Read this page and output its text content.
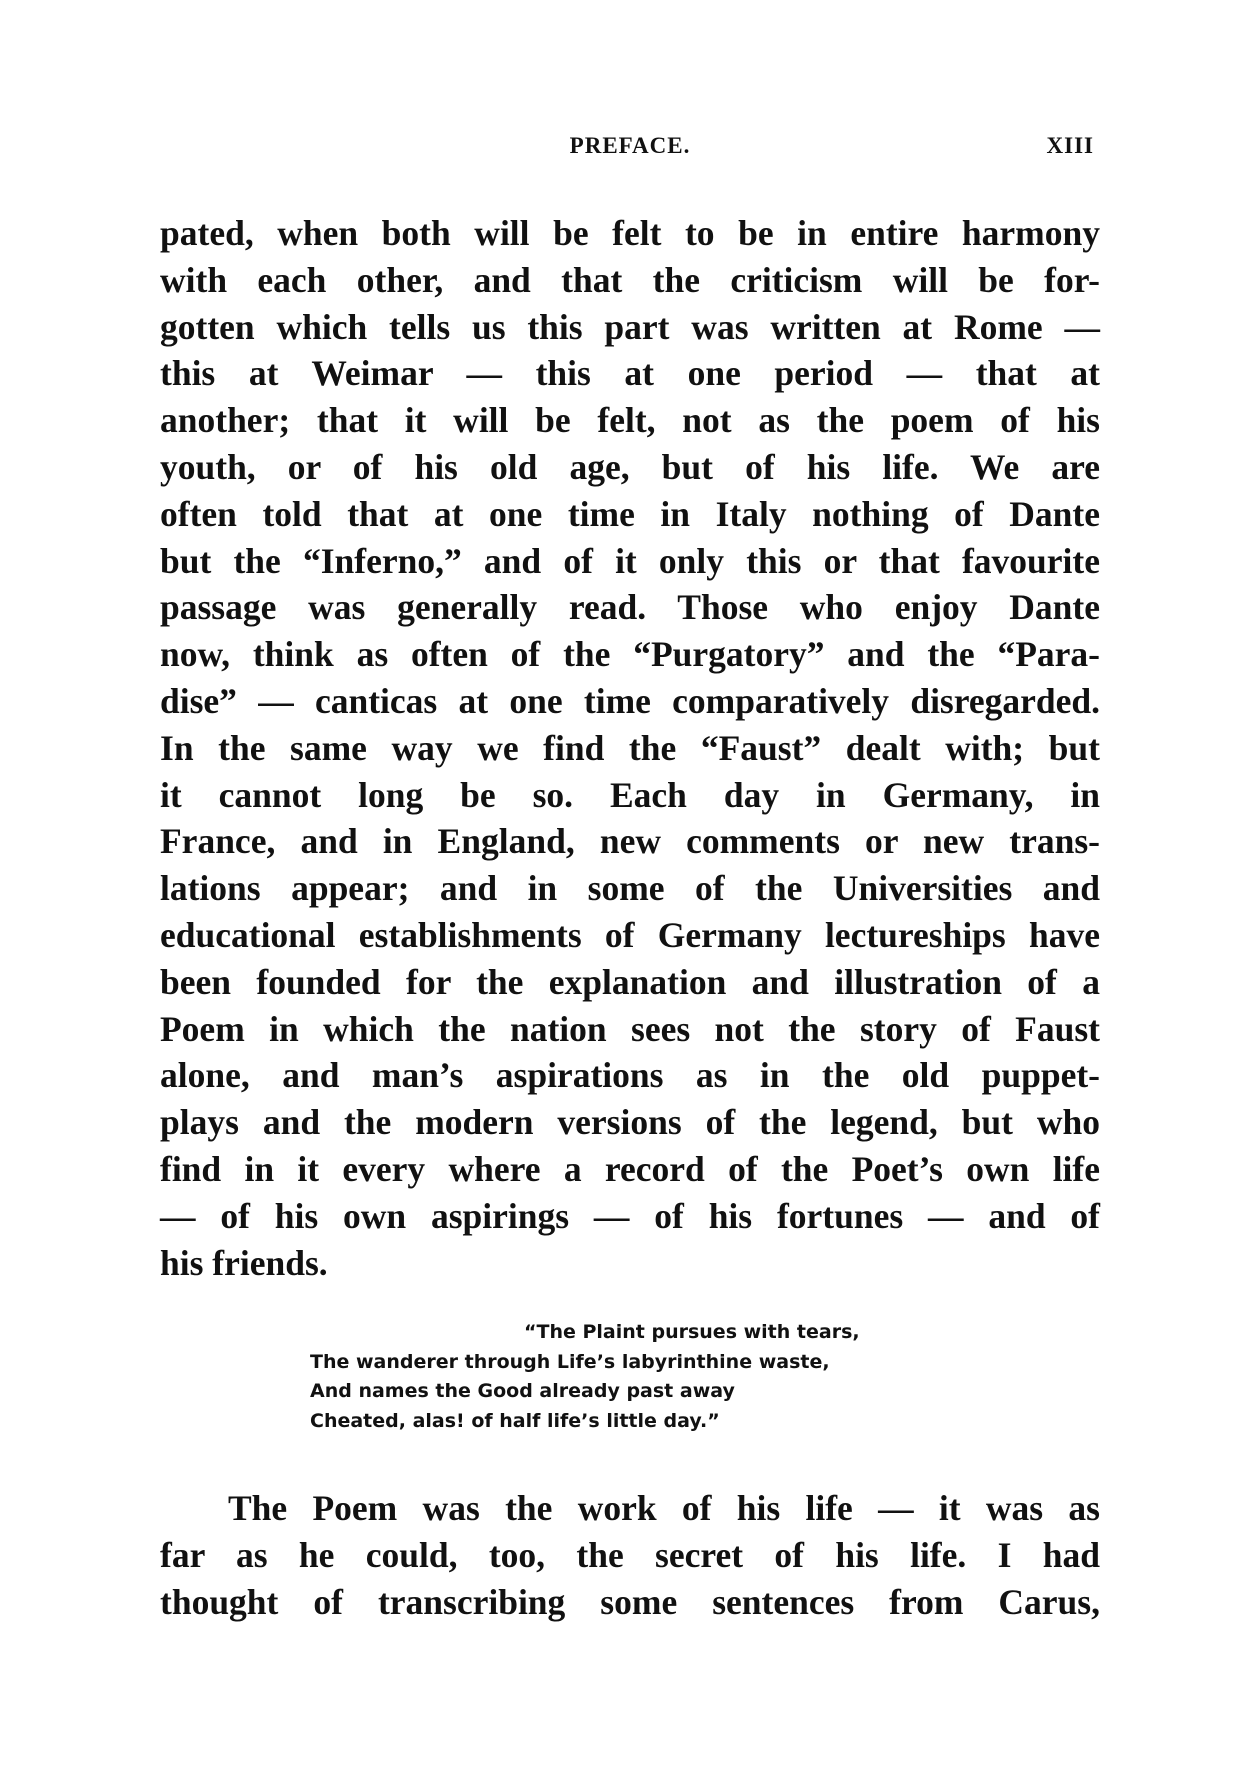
PREFACE.	XIII
pated, when both will be felt to be in entire harmony
with each other, and that the criticism will be for-
gotten which tells us this part was written at Rome —
this at Weimar — this at one period — that at
another; that it will be felt, not as the poem of his
youth, or of his old age, but of his life. We are
often told that at one time in Italy nothing of Dante
but the “Inferno,” and of it only this or that favourite
passage was generally read. Those who enjoy Dante
now, think as often of the “Purgatory” and the “Para-
dise” — canticas at one time comparatively disregarded.
In the same way we find the “Faust” dealt with; but
it cannot long be so. Each day in Germany, in
France, and in England, new comments or new trans-
lations appear; and in some of the Universities and
educational establishments of Germany lectureships have
been founded for the explanation and illustration of a
Poem in which the nation sees not the story of Faust
alone, and man’s aspirations as in the old puppet-
plays and the modern versions of the legend, but who
find in it every where a record of the Poet’s own life
— of his own aspirings — of his fortunes — and of
his friends.
“The Plaint pursues with tears,
The wanderer through Life’s labyrinthine waste,
And names the Good already past away
Cheated, alas! of half life’s little day.”
The Poem was the work of his life — it was as
far as he could, too, the secret of his life. I had
thought of transcribing some sentences from Carus,
